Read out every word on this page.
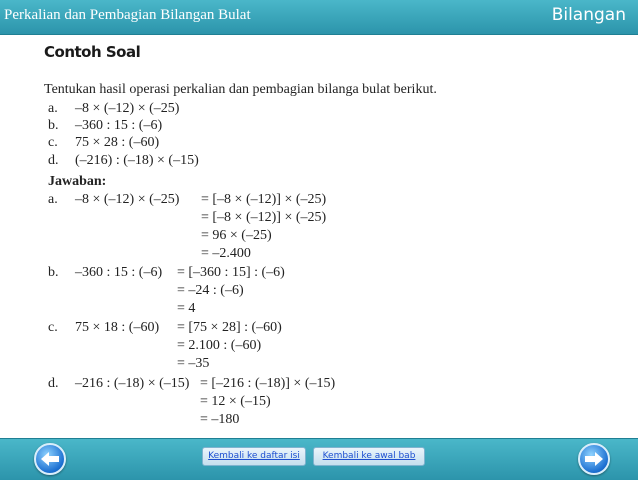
Perkalian dan Pembagian Bilangan Bulat	Bilangan
Contoh Soal
Tentukan hasil operasi perkalian dan pembagian bilanga bulat berikut.
a. –8 × (–12) × (–25)
b. –360 : 15 : (–6)
c. 75 × 28 : (–60)
d. (–216) : (–18) × (–15)
Jawaban:
a. –8 × (–12) × (–25) = [–8 × (–12)] × (–25)
= [–8 × (–12)] × (–25)
= 96 × (–25)
= –2.400
b. –360 : 15 : (–6) = [–360 : 15] : (–6)
= –24 : (–6)
= 4
c. 75 × 18 : (–60) = [75 × 28] : (–60)
= 2.100 : (–60)
= –35
d. –216 : (–18) × (–15) = [–216 : (–18)] × (–15)
= 12 × (–15)
= –180
Kembali ke daftar isi	Kembali ke awal bab
